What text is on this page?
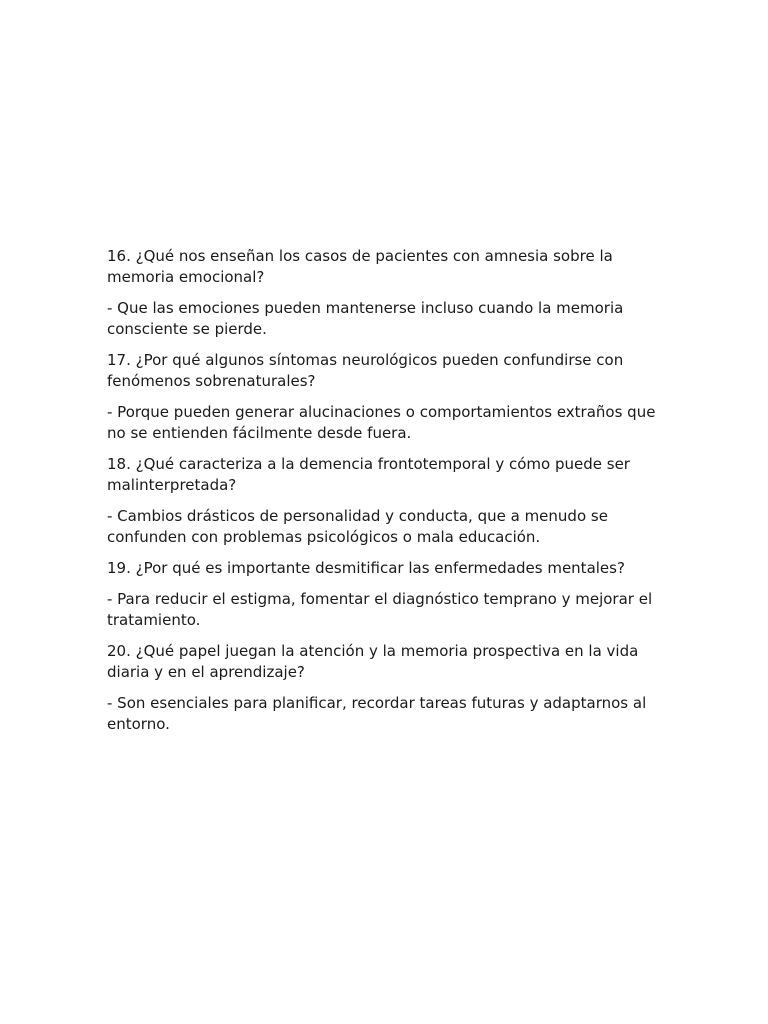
16. ¿Qué nos enseñan los casos de pacientes con amnesia sobre la memoria emocional?

- Que las emociones pueden mantenerse incluso cuando la memoria consciente se pierde.

17. ¿Por qué algunos síntomas neurológicos pueden confundirse con fenómenos sobrenaturales?

- Porque pueden generar alucinaciones o comportamientos extraños que no se entienden fácilmente desde fuera.

18. ¿Qué caracteriza a la demencia frontotemporal y cómo puede ser malinterpretada?

- Cambios drásticos de personalidad y conducta, que a menudo se confunden con problemas psicológicos o mala educación.

19. ¿Por qué es importante desmitificar las enfermedades mentales?

- Para reducir el estigma, fomentar el diagnóstico temprano y mejorar el tratamiento.

20. ¿Qué papel juegan la atención y la memoria prospectiva en la vida diaria y en el aprendizaje?

- Son esenciales para planificar, recordar tareas futuras y adaptarnos al entorno.
